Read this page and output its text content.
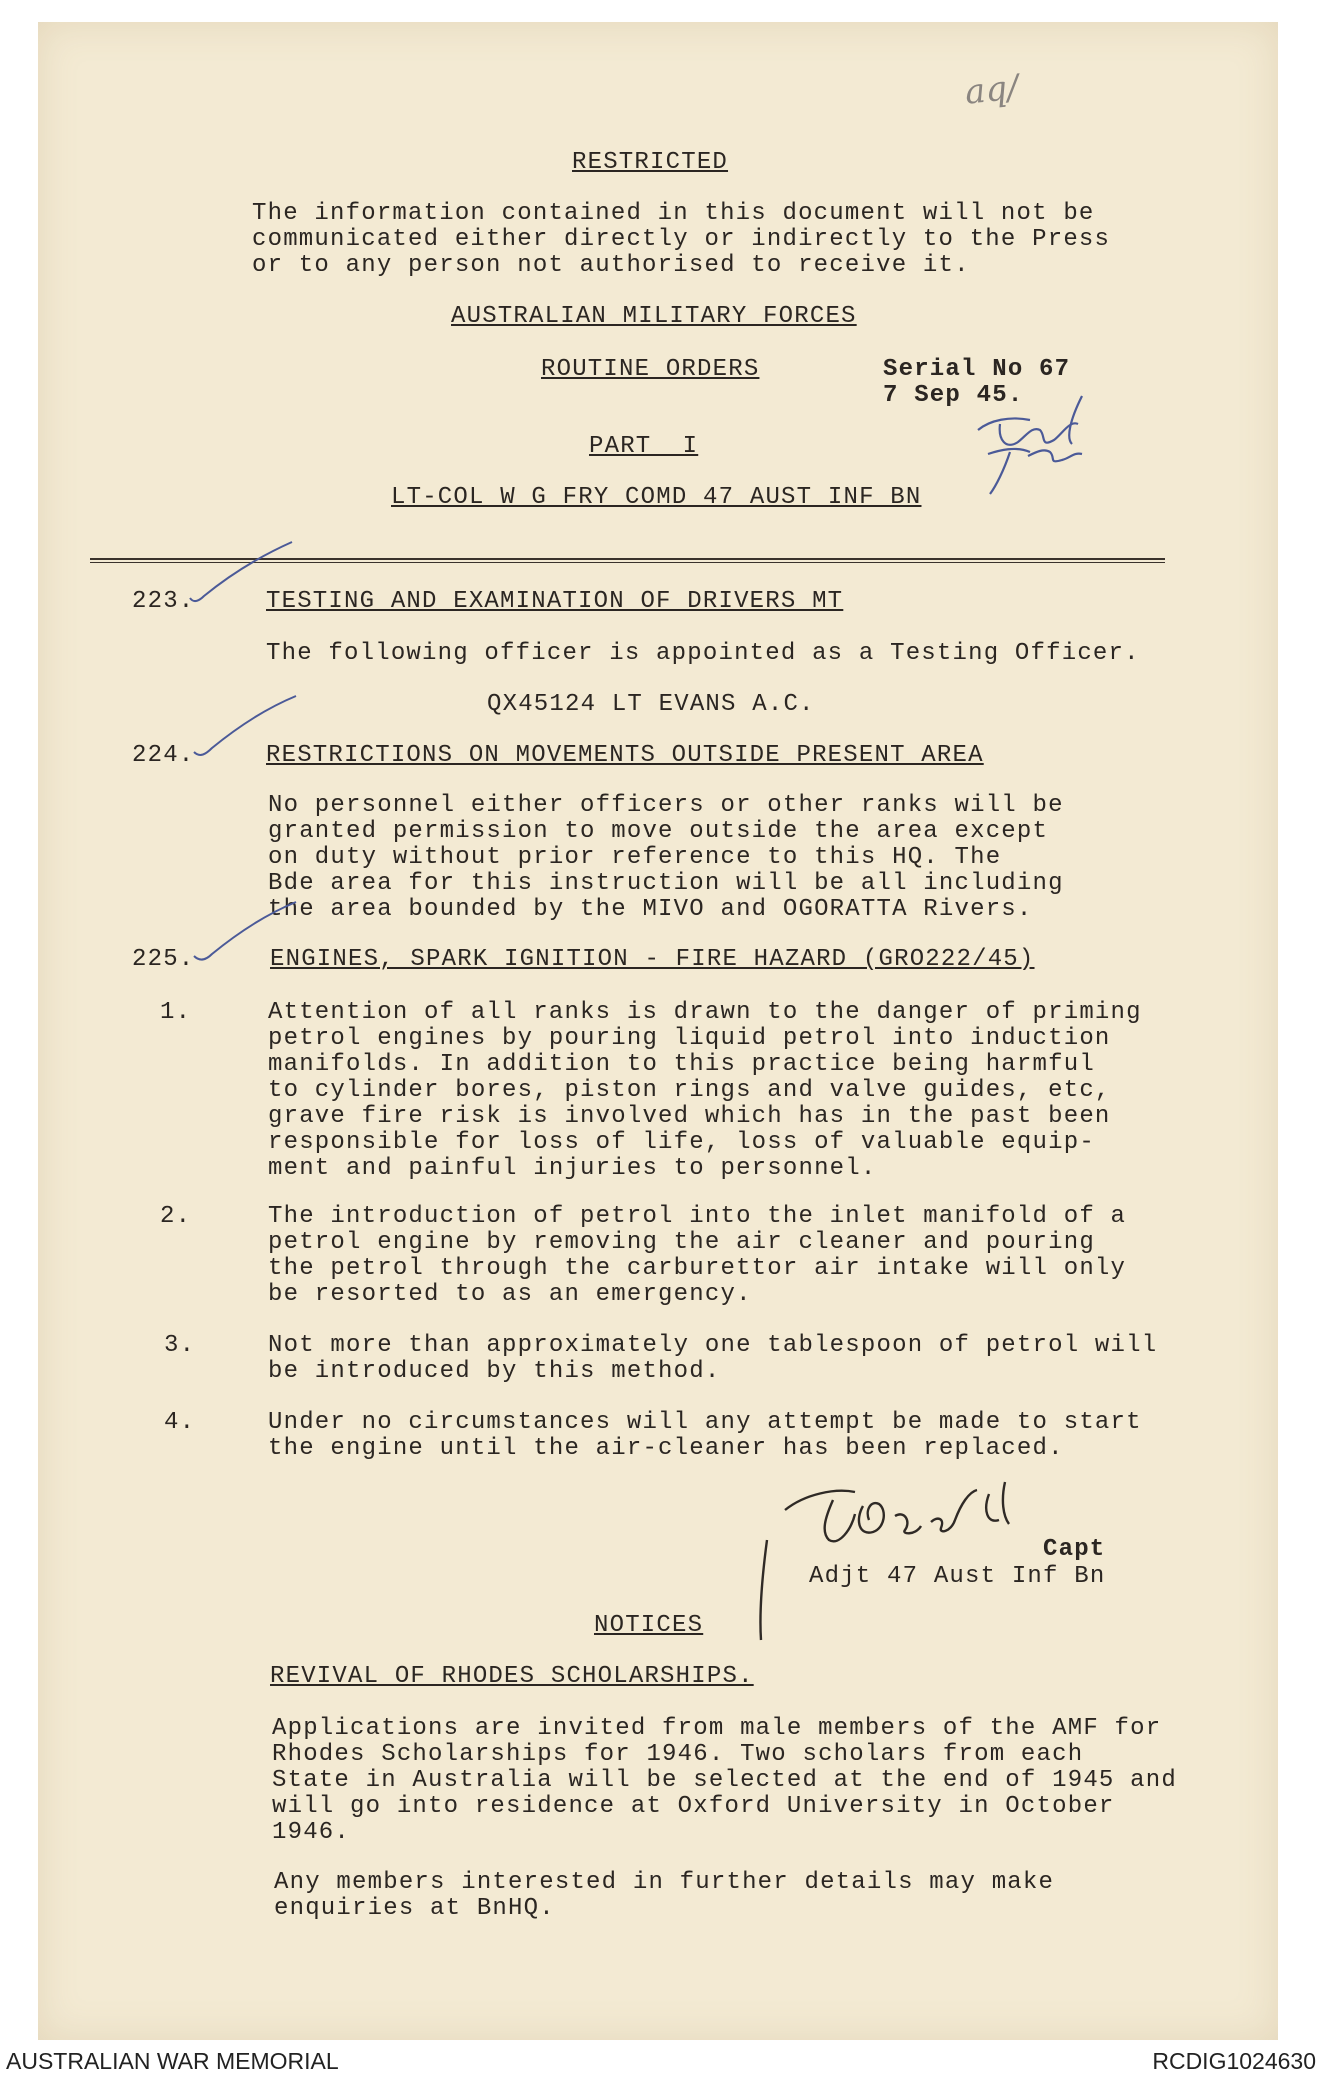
aq/
RESTRICTED
The information contained in this document will not be
communicated either directly or indirectly to the Press
or to any person not authorised to receive it.
AUSTRALIAN MILITARY FORCES
ROUTINE ORDERS	Serial No 67
7 Sep 45.
PART  I
LT-COL W G FRY COMD 47 AUST INF BN
223.	TESTING AND EXAMINATION OF DRIVERS MT
The following officer is appointed as a Testing Officer.
QX45124 LT EVANS A.C.
224.	RESTRICTIONS ON MOVEMENTS OUTSIDE PRESENT AREA
No personnel either officers or other ranks will be
granted permission to move outside the area except
on duty without prior reference to this HQ. The
Bde area for this instruction will be all including
the area bounded by the MIVO and OGORATTA Rivers.
225.	ENGINES, SPARK IGNITION - FIRE HAZARD (GRO222/45)
1.	Attention of all ranks is drawn to the danger of priming
petrol engines by pouring liquid petrol into induction
manifolds. In addition to this practice being harmful
to cylinder bores, piston rings and valve guides, etc,
grave fire risk is involved which has in the past been
responsible for loss of life, loss of valuable equip-
ment and painful injuries to personnel.
2.	The introduction of petrol into the inlet manifold of a
petrol engine by removing the air cleaner and pouring
the petrol through the carburettor air intake will only
be resorted to as an emergency.
3.	Not more than approximately one tablespoon of petrol will
be introduced by this method.
4.	Under no circumstances will any attempt be made to start
the engine until the air-cleaner has been replaced.
Capt
Adjt 47 Aust Inf Bn
NOTICES
REVIVAL OF RHODES SCHOLARSHIPS.
Applications are invited from male members of the AMF for
Rhodes Scholarships for 1946. Two scholars from each
State in Australia will be selected at the end of 1945 and
will go into residence at Oxford University in October
1946.
Any members interested in further details may make
enquiries at BnHQ.
AUSTRALIAN WAR MEMORIAL	RCDIG1024630
